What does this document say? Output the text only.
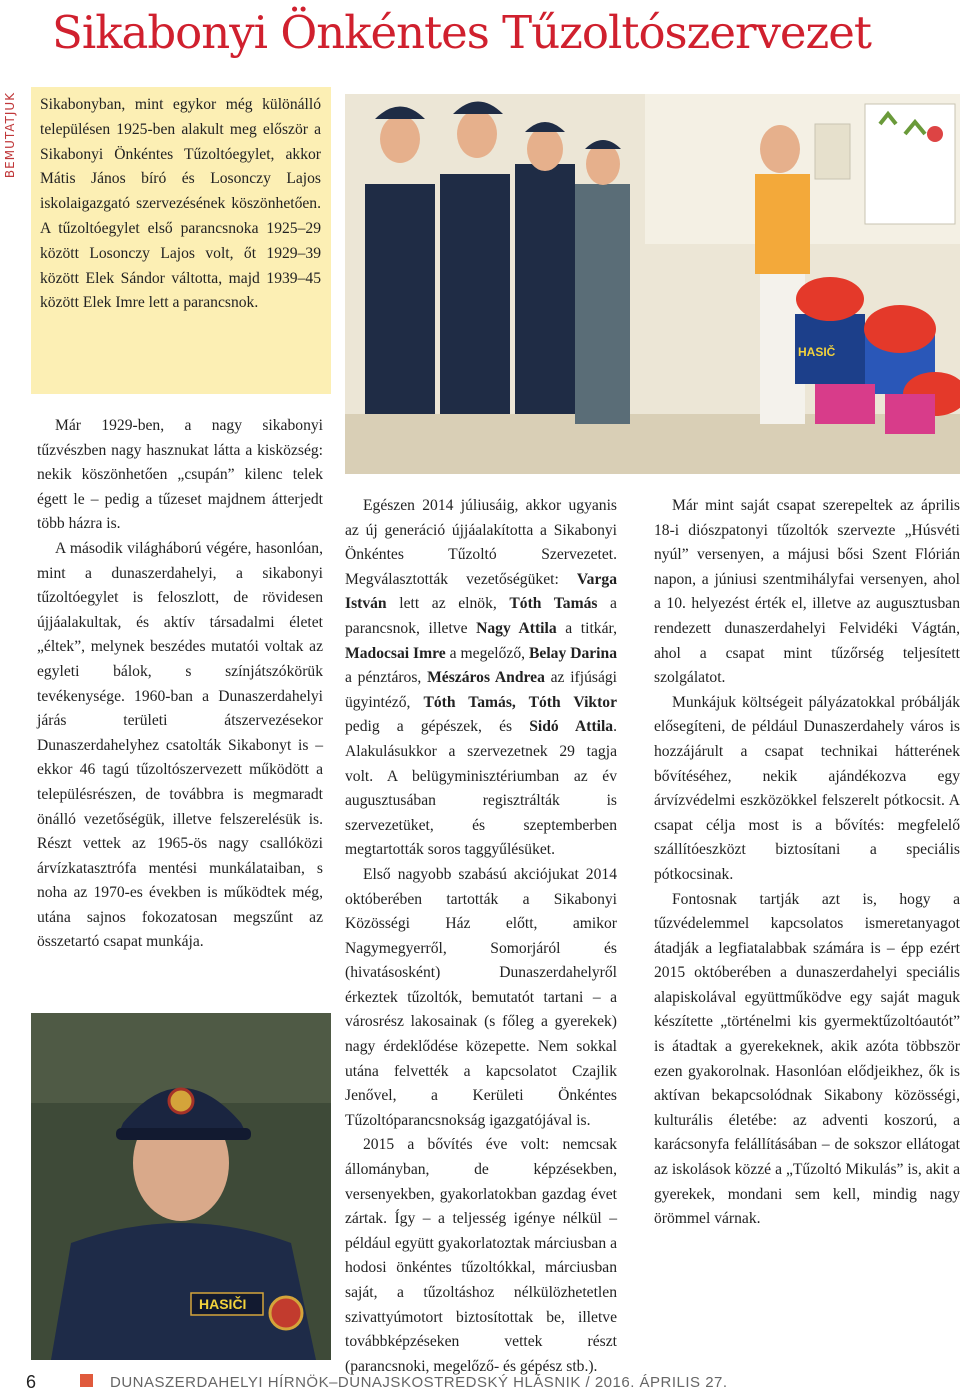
Sikabonyi Önkéntes Tűzoltószervezet
BEMUTATJUK	Sikabonyban, mint egykor még különálló településen 1925-ben alakult meg először a Sikabonyi Önkéntes Tűzoltóegylet, akkor Mátis János bíró és Losonczy Lajos iskolaigazgató szervezésének köszönhetően. A tűzoltóegylet első parancsnoka 1925–29 között Losonczy Lajos volt, őt 1929–39 között Elek Sándor váltotta, majd 1939–45 között Elek Imre lett a parancsnok.
HASIČ

Már 1929-ben, a nagy sikabonyi tűzvészben nagy hasznukat látta a kisközség: nekik köszönhetően „csupán” kilenc telek égett le – pedig a tűzeset majdnem átterjedt több házra is.

A második világháború végére, hasonlóan, mint a dunaszerdahelyi, a sikabonyi tűzoltóegylet is feloszlott, de rövidesen újjáalakultak, és aktív társadalmi életet „éltek”, melynek beszédes mutatói voltak az egyleti bálok, s színjátszókörük tevékenysége. 1960-ban a Dunaszerdahelyi járás területi átszervezésekor Dunaszerdahelyhez csatolták Sikabonyt is – ekkor 46 tagú tűzoltószervezett működött a településrészen, de továbbra is megmaradt önálló vezetőségük, illetve felszerelésük is. Részt vettek az 1965-ös nagy csallóközi árvízkatasztrófa mentési munkálataiban, s noha az 1970-es években is működtek még, utána sajnos fokozatosan megszűnt az összetartó csapat munkája.

HASIČI

Egészen 2014 júliusáig, akkor ugyanis az új generáció újjáalakította a Sikabonyi Önkéntes Tűzoltó Szervezetet. Megválasztották vezetőségüket: Varga István lett az elnök, Tóth Tamás a parancsnok, illetve Nagy Attila a titkár, Madocsai Imre a megelőző, Belay Darina a pénztáros, Mészáros Andrea az ifjúsági ügyintéző, Tóth Tamás, Tóth Viktor pedig a gépészek, és Sidó Attila. Alakulásukkor a szervezetnek 29 tagja volt. A belügyminisztériumban az év augusztusában regisztrálták is szervezetüket, és szeptemberben megtartották soros taggyűlésüket.

Első nagyobb szabású akciójukat 2014 októberében tartották a Sikabonyi Közösségi Ház előtt, amikor Nagymegyerről, Somorjáról és (hivatásosként) Dunaszerdahelyről érkeztek tűzoltók, bemutatót tartani – a városrész lakosainak (s főleg a gyerekek) nagy érdeklődése közepette. Nem sokkal utána felvették a kapcsolatot Czajlik Jenővel, a Kerületi Önkéntes Tűzoltóparancsnokság igazgatójával is.

2015 a bővítés éve volt: nemcsak állományban, de képzésekben, versenyekben, gyakorlatokban gazdag évet zártak. Így – a teljesség igénye nélkül – például együtt gyakorlatoztak márciusban a hodosi önkéntes tűzoltókkal, márciusban saját, a tűzoltáshoz nélkülözhetetlen szivattyúmotort biztosítottak be, illetve továbbképzéseken vettek részt (parancsnoki, megelőző- és gépész stb.).

Már mint saját csapat szerepeltek az április 18-i diószpatonyi tűzoltók szervezte „Húsvéti nyúl” versenyen, a májusi bősi Szent Flórián napon, a júniusi szentmihályfai versenyen, ahol a 10. helyezést érték el, illetve az augusztusban rendezett dunaszerdahelyi Felvidéki Vágtán, ahol a csapat mint tűzőrség teljesített szolgálatot.

Munkájuk költségeit pályázatokkal próbálják elősegíteni, de például Dunaszerdahely város is hozzájárult a csapat technikai hátterének bővítéséhez, nekik ajándékozva egy árvízvédelmi eszközökkel felszerelt pótkocsit. A csapat célja most is a bővítés: megfelelő szállítóeszközt biztosítani a speciális pótkocsinak.

Fontosnak tartják azt is, hogy a tűzvédelemmel kapcsolatos ismeretanyagot átadják a legfiatalabbak számára is – épp ezért 2015 októberében a dunaszerdahelyi speciális alapiskolával együttműködve egy saját maguk készítette „történelmi kis gyermektűzoltóautót” is átadtak a gyerekeknek, akik azóta többször ezen gyakorolnak. Hasonlóan elődjeikhez, ők is aktívan bekapcsolódnak Sikabony közösségi, kulturális életébe: az adventi koszorú, a karácsonyfa felállításában – de sokszor ellátogat az iskolások közzé a „Tűzoltó Mikulás” is, akit a gyerekek, mondani sem kell, mindig nagy örömmel várnak.

6	DUNASZERDAHELYI HÍRNÖK–DUNAJSKOSTREDSKÝ HLÁSNIK / 2016. ÁPRILIS 27.
